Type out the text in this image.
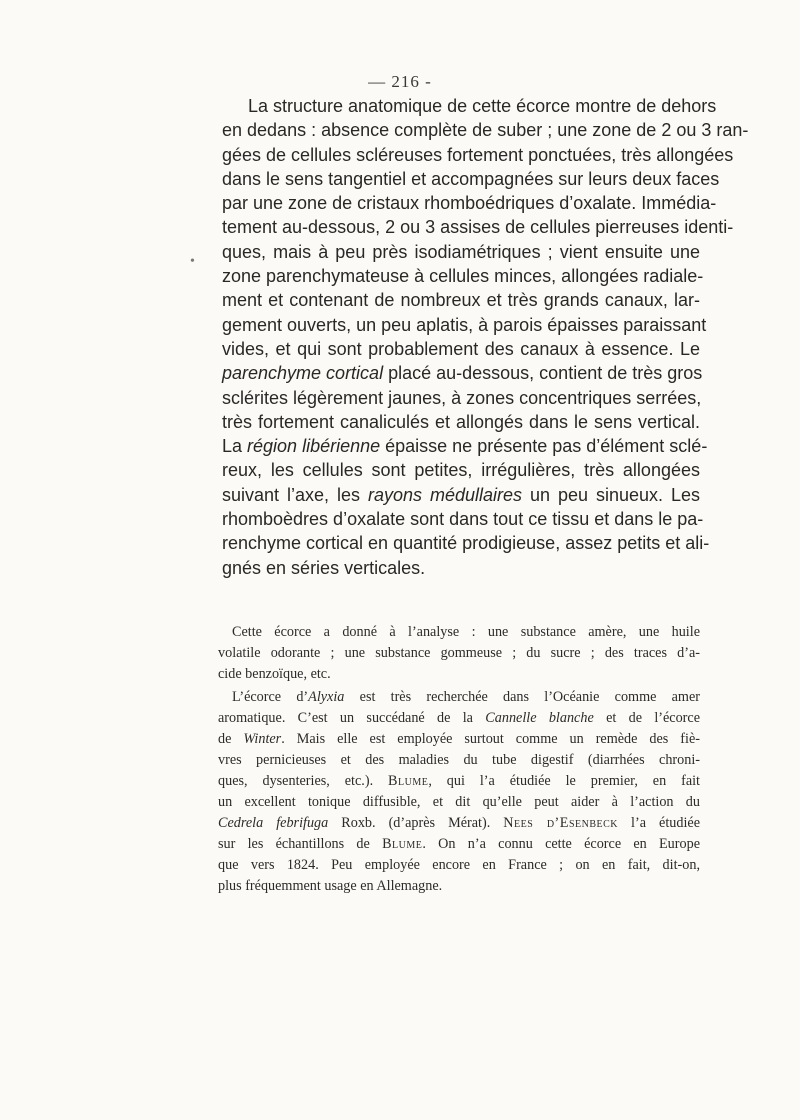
— 216 -
•
La structure anatomique de cette écorce montre de dehors
en dedans : absence complète de suber ; une zone de 2 ou 3 ran-
gées de cellules scléreuses fortement ponctuées, très allongées
dans le sens tangentiel et accompagnées sur leurs deux faces
par une zone de cristaux rhomboédriques d’oxalate. Immédia-
tement au-dessous, 2 ou 3 assises de cellules pierreuses identi-
ques, mais à peu près isodiamétriques ; vient ensuite une
zone parenchymateuse à cellules minces, allongées radiale-
ment et contenant de nombreux et très grands canaux, lar-
gement ouverts, un peu aplatis, à parois épaisses paraissant
vides, et qui sont probablement des canaux à essence. Le
parenchyme cortical placé au-dessous, contient de très gros
sclérites légèrement jaunes, à zones concentriques serrées,
très fortement canaliculés et allongés dans le sens vertical.
La région libérienne épaisse ne présente pas d’élément sclé-
reux, les cellules sont petites, irrégulières, très allongées
suivant l’axe, les rayons médullaires un peu sinueux. Les
rhomboèdres d’oxalate sont dans tout ce tissu et dans le pa-
renchyme cortical en quantité prodigieuse, assez petits et ali-
gnés en séries verticales.
Cette écorce a donné à l’analyse : une substance amère, une huile
volatile odorante ; une substance gommeuse ; du sucre ; des traces d’a-
cide benzoïque, etc.
L’écorce d’Alyxia est très recherchée dans l’Océanie comme amer
aromatique. C’est un succédané de la Cannelle blanche et de l’écorce
de Winter. Mais elle est employée surtout comme un remède des fiè-
vres pernicieuses et des maladies du tube digestif (diarrhées chroni-
ques, dysenteries, etc.). Blume, qui l’a étudiée le premier, en fait
un excellent tonique diffusible, et dit qu’elle peut aider à l’action du
Cedrela febrifuga Roxb. (d’après Mérat). Nees d’Esenbeck l’a étudiée
sur les échantillons de Blume. On n’a connu cette écorce en Europe
que vers 1824. Peu employée encore en France ; on en fait, dit-on,
plus fréquemment usage en Allemagne.
